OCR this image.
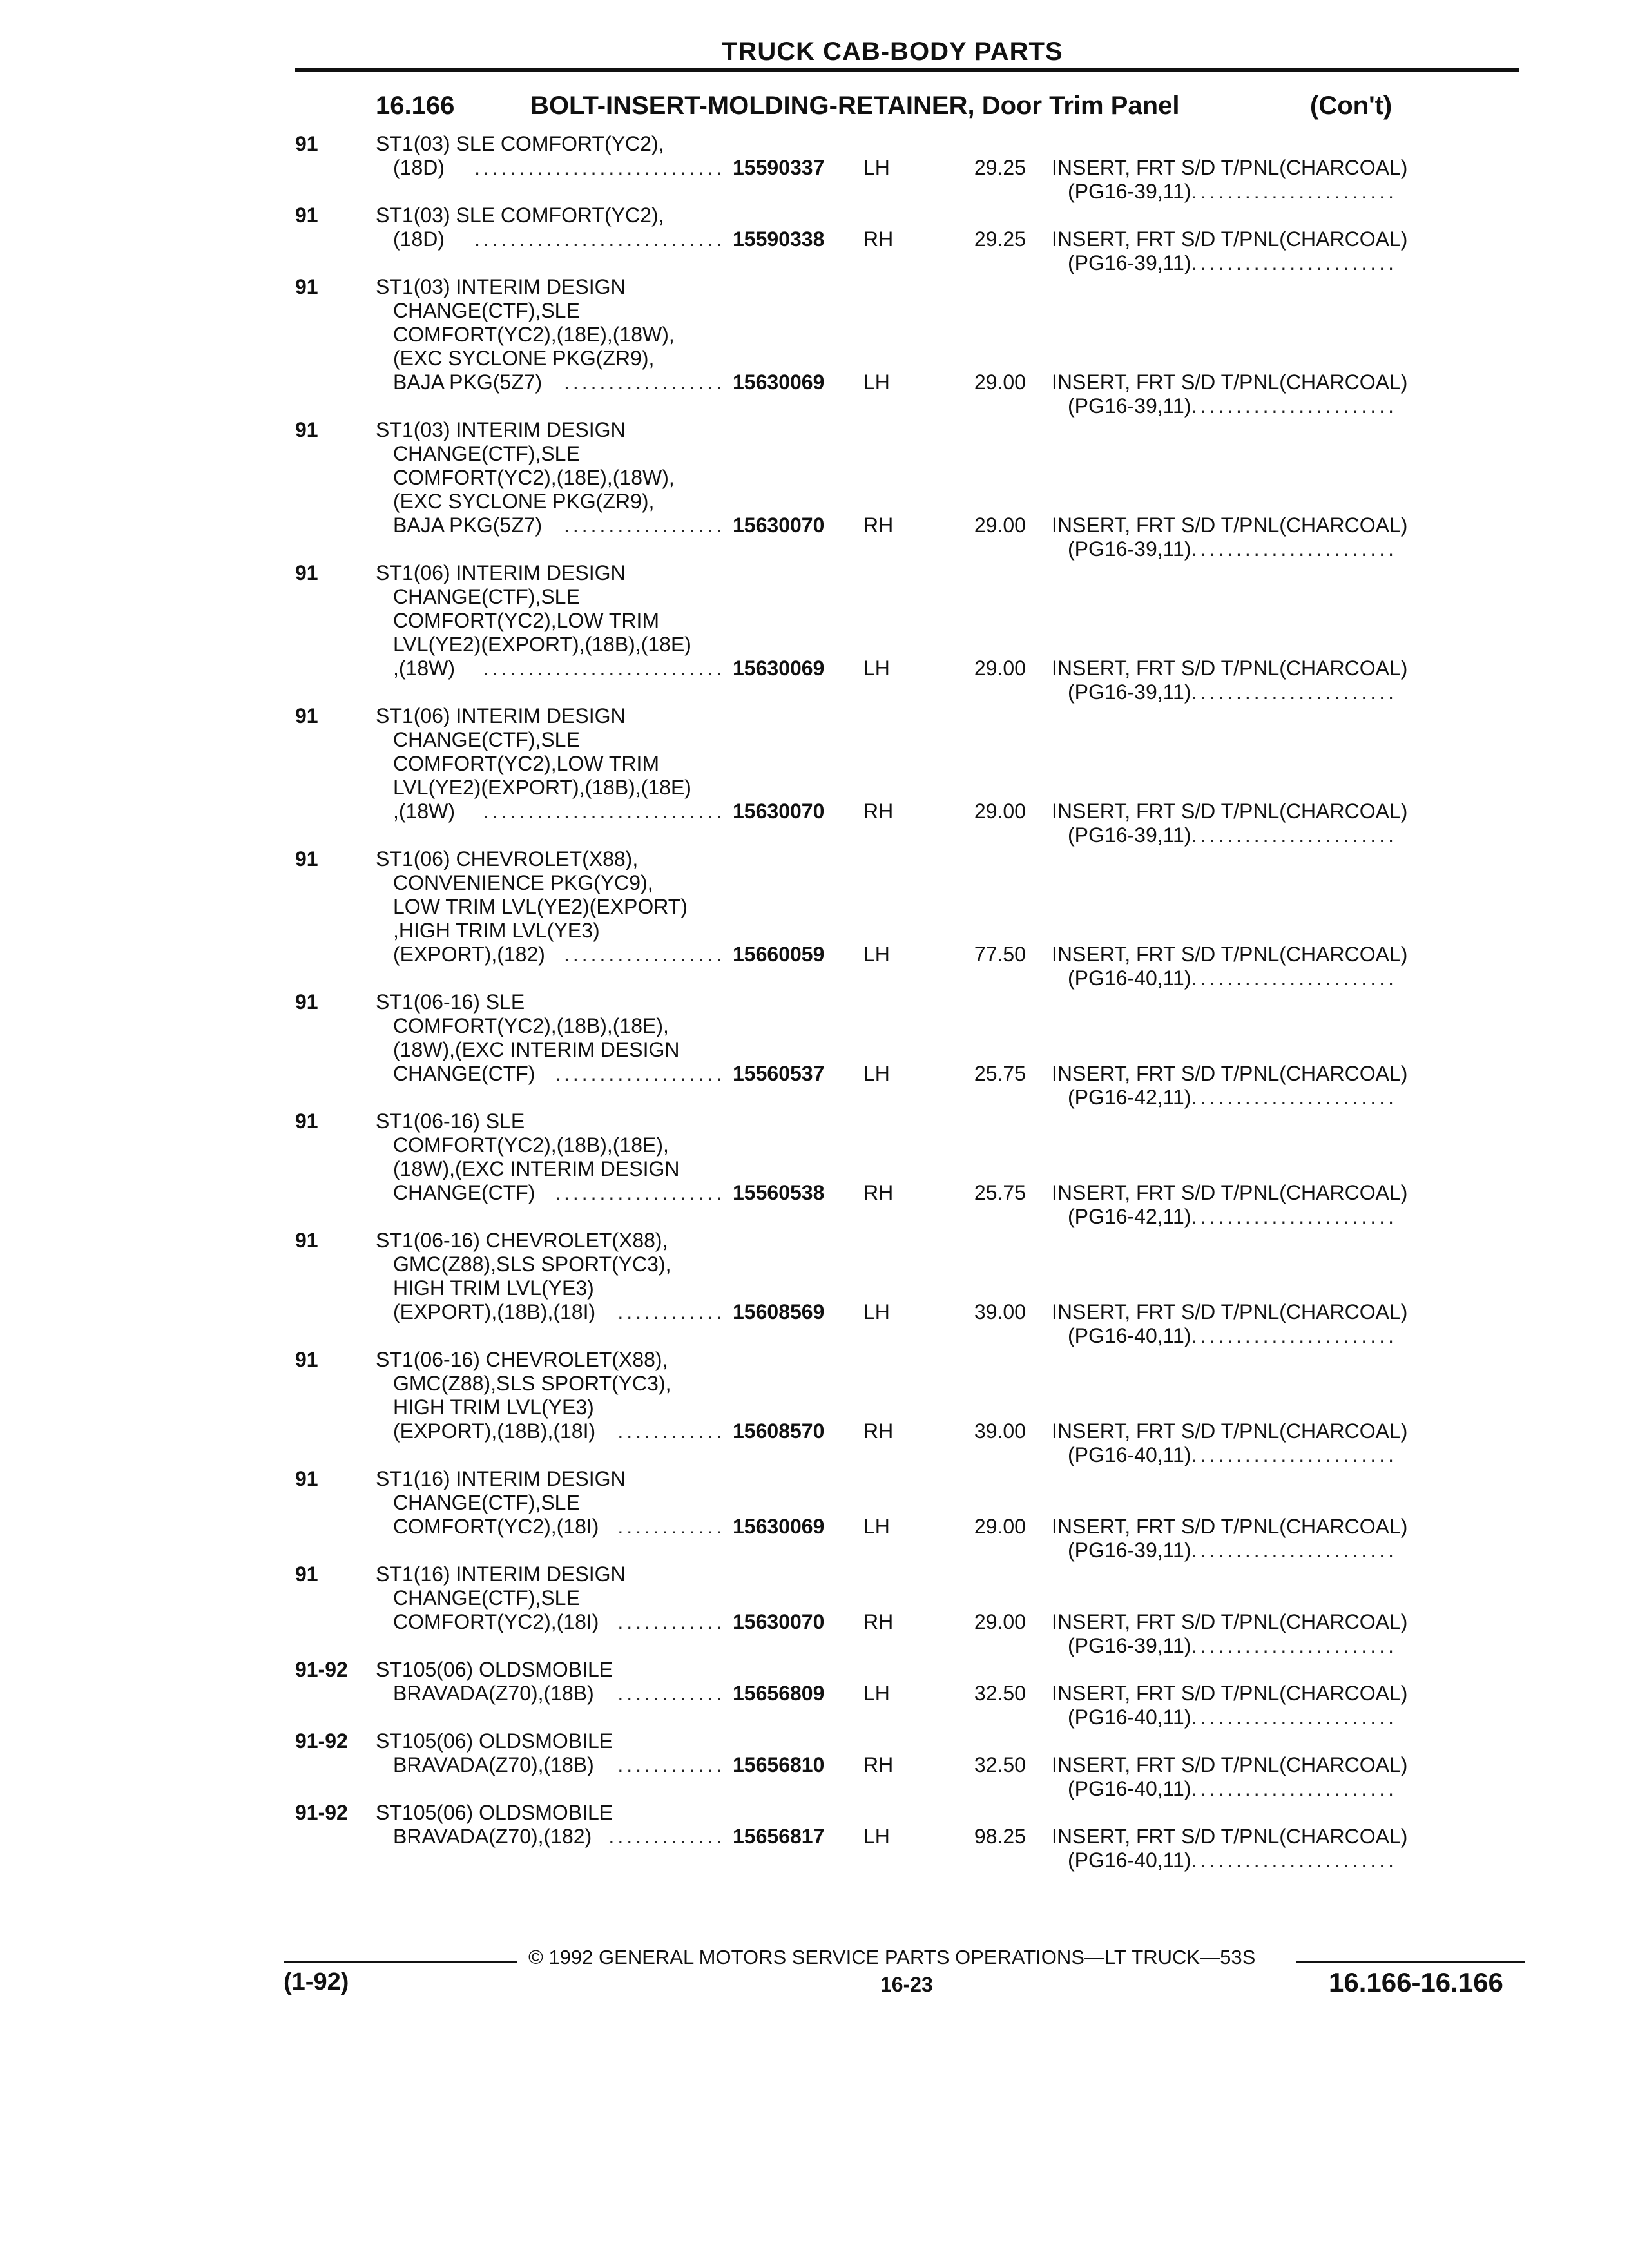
TRUCK CAB-BODY PARTS
16.166	BOLT-INSERT-MOLDING-RETAINER, Door Trim Panel	(Con't)
91	ST1(03) SLE COMFORT(YC2),
(18D)	............................ 15590337 LH	29.25 INSERT, FRT S/D T/PNL(CHARCOAL)
(PG16-39,11).......................
91	ST1(03) SLE COMFORT(YC2),
(18D)	............................ 15590338 RH	29.25 INSERT, FRT S/D T/PNL(CHARCOAL)
(PG16-39,11).......................
91	ST1(03) INTERIM DESIGN
CHANGE(CTF),SLE
COMFORT(YC2),(18E),(18W),
(EXC SYCLONE PKG(ZR9),
BAJA PKG(5Z7)	.................. 15630069 LH	29.00 INSERT, FRT S/D T/PNL(CHARCOAL)
(PG16-39,11).......................
91	ST1(03) INTERIM DESIGN
CHANGE(CTF),SLE
COMFORT(YC2),(18E),(18W),
(EXC SYCLONE PKG(ZR9),
BAJA PKG(5Z7)	.................. 15630070 RH	29.00 INSERT, FRT S/D T/PNL(CHARCOAL)
(PG16-39,11).......................
91	ST1(06) INTERIM DESIGN
CHANGE(CTF),SLE
COMFORT(YC2),LOW TRIM
LVL(YE2)(EXPORT),(18B),(18E)
,(18W)	........................... 15630069 LH	29.00 INSERT, FRT S/D T/PNL(CHARCOAL)
(PG16-39,11).......................
91	ST1(06) INTERIM DESIGN
CHANGE(CTF),SLE
COMFORT(YC2),LOW TRIM
LVL(YE2)(EXPORT),(18B),(18E)
,(18W)	........................... 15630070 RH	29.00 INSERT, FRT S/D T/PNL(CHARCOAL)
(PG16-39,11).......................
91	ST1(06) CHEVROLET(X88),
CONVENIENCE PKG(YC9),
LOW TRIM LVL(YE2)(EXPORT)
,HIGH TRIM LVL(YE3)
(EXPORT),(182) .................. 15660059 LH	77.50 INSERT, FRT S/D T/PNL(CHARCOAL)
(PG16-40,11).......................
91	ST1(06-16) SLE
COMFORT(YC2),(18B),(18E),
(18W),(EXC INTERIM DESIGN
CHANGE(CTF) ................... 15560537 LH	25.75 INSERT, FRT S/D T/PNL(CHARCOAL)
(PG16-42,11).......................
91	ST1(06-16) SLE
COMFORT(YC2),(18B),(18E),
(18W),(EXC INTERIM DESIGN
CHANGE(CTF) ................... 15560538 RH	25.75 INSERT, FRT S/D T/PNL(CHARCOAL)
(PG16-42,11).......................
91	ST1(06-16) CHEVROLET(X88),
GMC(Z88),SLS SPORT(YC3),
HIGH TRIM LVL(YE3)
(EXPORT),(18B),(18I)	............ 15608569 LH	39.00 INSERT, FRT S/D T/PNL(CHARCOAL)
(PG16-40,11).......................
91	ST1(06-16) CHEVROLET(X88),
GMC(Z88),SLS SPORT(YC3),
HIGH TRIM LVL(YE3)
(EXPORT),(18B),(18I)	............ 15608570 RH	39.00 INSERT, FRT S/D T/PNL(CHARCOAL)
(PG16-40,11).......................
91	ST1(16) INTERIM DESIGN
CHANGE(CTF),SLE
COMFORT(YC2),(18I) ............ 15630069 LH	29.00 INSERT, FRT S/D T/PNL(CHARCOAL)
(PG16-39,11).......................
91	ST1(16) INTERIM DESIGN
CHANGE(CTF),SLE
COMFORT(YC2),(18I) ............ 15630070 RH	29.00 INSERT, FRT S/D T/PNL(CHARCOAL)
(PG16-39,11).......................
91-92 ST105(06) OLDSMOBILE
BRAVADA(Z70),(18B)	............ 15656809 LH	32.50 INSERT, FRT S/D T/PNL(CHARCOAL)
(PG16-40,11).......................
91-92 ST105(06) OLDSMOBILE
BRAVADA(Z70),(18B)	............ 15656810 RH	32.50 INSERT, FRT S/D T/PNL(CHARCOAL)
(PG16-40,11).......................
91-92 ST105(06) OLDSMOBILE
BRAVADA(Z70),(182) ............. 15656817 LH	98.25 INSERT, FRT S/D T/PNL(CHARCOAL)
(PG16-40,11).......................
© 1992 GENERAL MOTORS SERVICE PARTS OPERATIONS—LT TRUCK—53S
(1-92)	16-23	16.166-16.166
